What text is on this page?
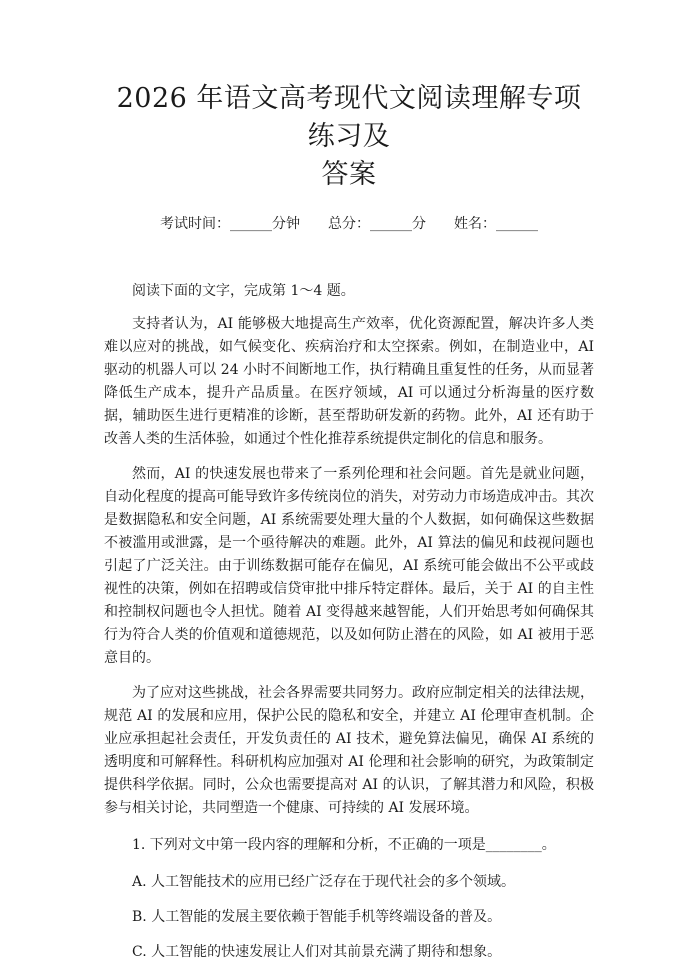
2026 年语文高考现代文阅读理解专项练习及
答案
考试时间：______分钟 总分：______分 姓名：______

阅读下面的文字，完成第 1～4 题。

支持者认为，AI 能够极大地提高生产效率，优化资源配置，解决许多人类难以应对的挑战，如气候变化、疾病治疗和太空探索。例如，在制造业中，AI 驱动的机器人可以 24 小时不间断地工作，执行精确且重复性的任务，从而显著降低生产成本，提升产品质量。在医疗领域，AI 可以通过分析海量的医疗数据，辅助医生进行更精准的诊断，甚至帮助研发新的药物。此外，AI 还有助于改善人类的生活体验，如通过个性化推荐系统提供定制化的信息和服务。

然而，AI 的快速发展也带来了一系列伦理和社会问题。首先是就业问题，自动化程度的提高可能导致许多传统岗位的消失，对劳动力市场造成冲击。其次是数据隐私和安全问题，AI 系统需要处理大量的个人数据，如何确保这些数据不被滥用或泄露，是一个亟待解决的难题。此外，AI 算法的偏见和歧视问题也引起了广泛关注。由于训练数据可能存在偏见，AI 系统可能会做出不公平或歧视性的决策，例如在招聘或信贷审批中排斥特定群体。最后，关于 AI 的自主性和控制权问题也令人担忧。随着 AI 变得越来越智能，人们开始思考如何确保其行为符合人类的价值观和道德规范，以及如何防止潜在的风险，如 AI 被用于恶意目的。

为了应对这些挑战，社会各界需要共同努力。政府应制定相关的法律法规，规范 AI 的发展和应用，保护公民的隐私和安全，并建立 AI 伦理审查机制。企业应承担起社会责任，开发负责任的 AI 技术，避免算法偏见，确保 AI 系统的透明度和可解释性。科研机构应加强对 AI 伦理和社会影响的研究，为政策制定提供科学依据。同时，公众也需要提高对 AI 的认识，了解其潜力和风险，积极参与相关讨论，共同塑造一个健康、可持续的 AI 发展环境。

1. 下列对文中第一段内容的理解和分析，不正确的一项是________。
A. 人工智能技术的应用已经广泛存在于现代社会的多个领域。
B. 人工智能的发展主要依赖于智能手机等终端设备的普及。
C. 人工智能的快速发展让人们对其前景充满了期待和想象。
